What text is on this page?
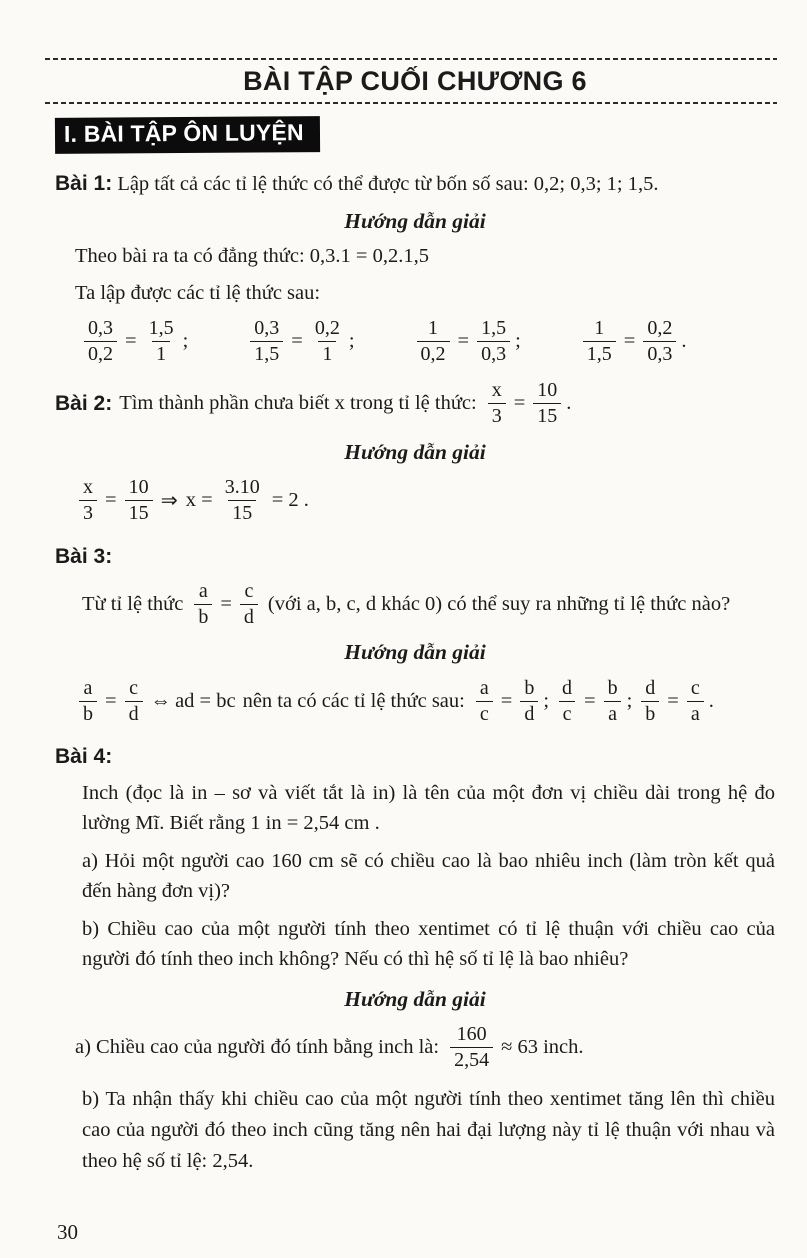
BÀI TẬP CUỐI CHƯƠNG 6
I. BÀI TẬP ÔN LUYỆN
Bài 1: Lập tất cả các tỉ lệ thức có thể được từ bốn số sau: 0,2; 0,3; 1; 1,5.
Hướng dẫn giải
Theo bài ra ta có đẳng thức: 0,3.1 = 0,2.1,5
Ta lập được các tỉ lệ thức sau:
$\frac{0,3}{0,2} = \frac{1,5}{1}$ ;	$\frac{0,3}{1,5} = \frac{0,2}{1}$ ;	$\frac{1}{0,2} = \frac{1,5}{0,3}$ ;	$\frac{1}{1,5} = \frac{0,2}{0,3}$ .
Bài 2: Tìm thành phần chưa biết x trong tỉ lệ thức: $\frac{x}{3} = \frac{10}{15}$ .
Hướng dẫn giải
$\frac{x}{3} = \frac{10}{15}$ ⇒ $x = \frac{3.10}{15} = 2$ .
Bài 3:
Từ tỉ lệ thức $\frac{a}{b} = \frac{c}{d}$ (với a, b, c, d khác 0) có thể suy ra những tỉ lệ thức nào?
Hướng dẫn giải
$\frac{a}{b} = \frac{c}{d}$ ⇔ ad = bc nên ta có các tỉ lệ thức sau: $\frac{a}{c} = \frac{b}{d}$ ; $\frac{d}{c} = \frac{b}{a}$ ; $\frac{d}{b} = \frac{c}{a}$ .
Bài 4:
Inch (đọc là in – sơ và viết tắt là in) là tên của một đơn vị chiều dài trong hệ đo lường Mĩ. Biết rằng 1 in = 2,54 cm .
a) Hỏi một người cao 160 cm sẽ có chiều cao là bao nhiêu inch (làm tròn kết quả đến hàng đơn vị)?
b) Chiều cao của một người tính theo xentimet có tỉ lệ thuận với chiều cao của người đó tính theo inch không? Nếu có thì hệ số tỉ lệ là bao nhiêu?
Hướng dẫn giải
a) Chiều cao của người đó tính bằng inch là: $\frac{160}{2,54} \approx 63$ inch.
b) Ta nhận thấy khi chiều cao của một người tính theo xentimet tăng lên thì chiều cao của người đó theo inch cũng tăng nên hai đại lượng này tỉ lệ thuận với nhau và theo hệ số tỉ lệ: 2,54.
30
